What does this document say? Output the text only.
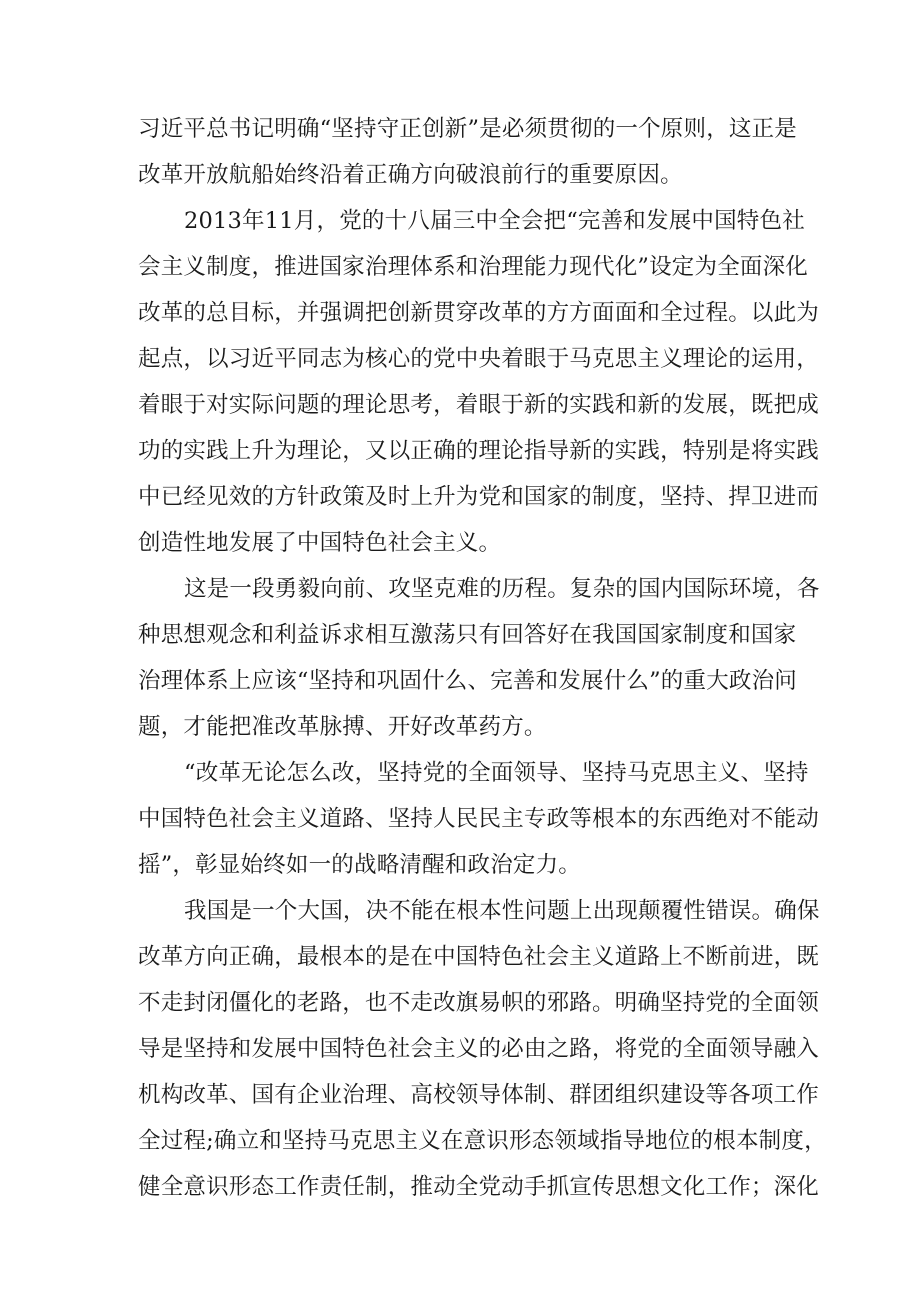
习近平总书记明确“坚持守正创新”是必须贯彻的一个原则，这正是
改革开放航船始终沿着正确方向破浪前行的重要原因。
2013年11月，党的十八届三中全会把“完善和发展中国特色社
会主义制度，推进国家治理体系和治理能力现代化”设定为全面深化
改革的总目标，并强调把创新贯穿改革的方方面面和全过程。以此为
起点，以习近平同志为核心的党中央着眼于马克思主义理论的运用，
着眼于对实际问题的理论思考，着眼于新的实践和新的发展，既把成
功的实践上升为理论，又以正确的理论指导新的实践，特别是将实践
中已经见效的方针政策及时上升为党和国家的制度，坚持、捍卫进而
创造性地发展了中国特色社会主义。
这是一段勇毅向前、攻坚克难的历程。复杂的国内国际环境，各
种思想观念和利益诉求相互激荡只有回答好在我国国家制度和国家
治理体系上应该“坚持和巩固什么、完善和发展什么”的重大政治问
题，才能把准改革脉搏、开好改革药方。
“改革无论怎么改，坚持党的全面领导、坚持马克思主义、坚持
中国特色社会主义道路、坚持人民民主专政等根本的东西绝对不能动
摇”，彰显始终如一的战略清醒和政治定力。
我国是一个大国，决不能在根本性问题上出现颠覆性错误。确保
改革方向正确，最根本的是在中国特色社会主义道路上不断前进，既
不走封闭僵化的老路，也不走改旗易帜的邪路。明确坚持党的全面领
导是坚持和发展中国特色社会主义的必由之路，将党的全面领导融入
机构改革、国有企业治理、高校领导体制、群团组织建设等各项工作
全过程;确立和坚持马克思主义在意识形态领域指导地位的根本制度，
健全意识形态工作责任制，推动全党动手抓宣传思想文化工作；深化
